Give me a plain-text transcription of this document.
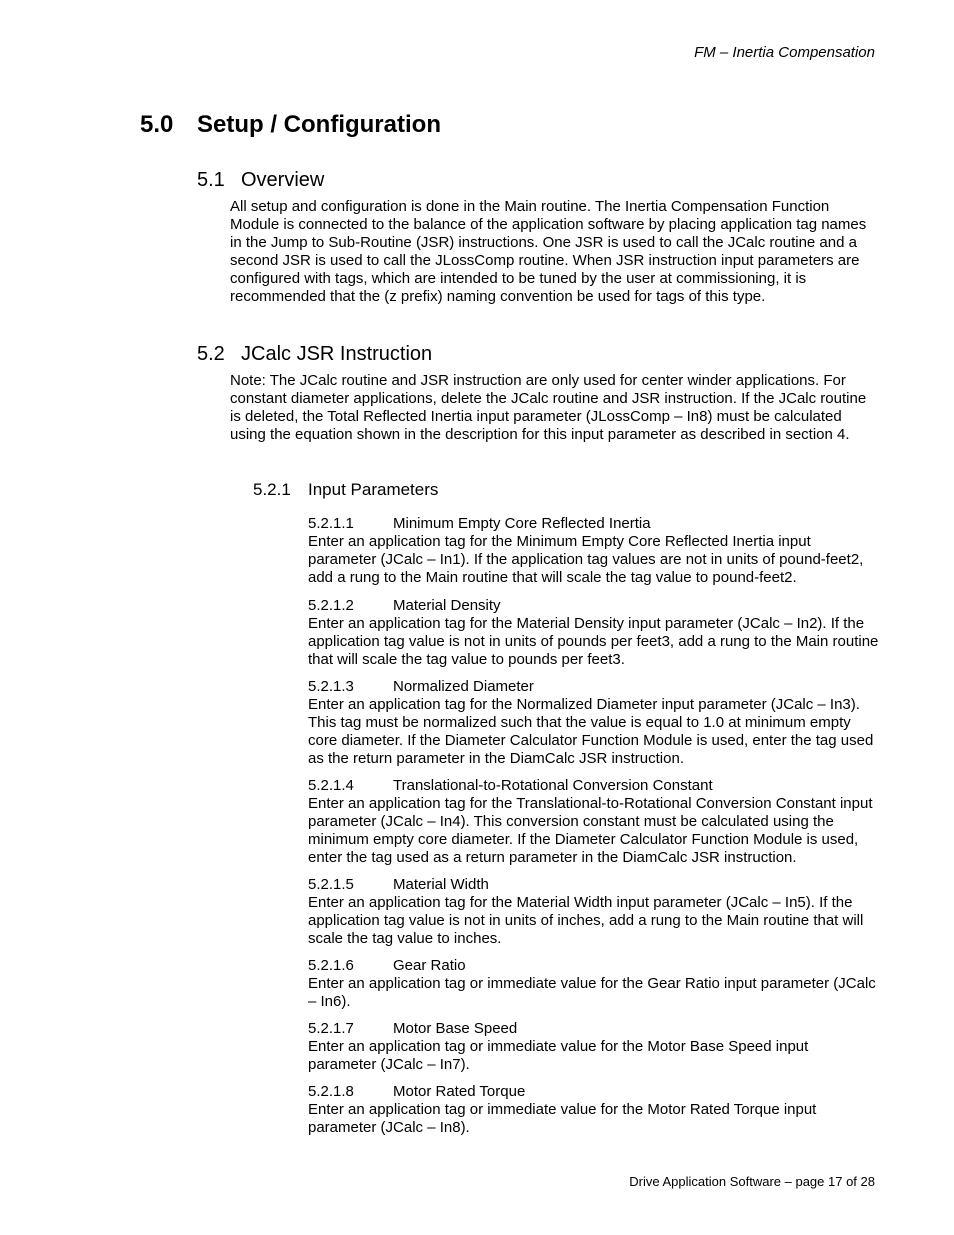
FM – Inertia Compensation
5.0 Setup / Configuration
5.1 Overview

All setup and configuration is done in the Main routine. The Inertia Compensation Function Module is connected to the balance of the application software by placing application tag names in the Jump to Sub-Routine (JSR) instructions. One JSR is used to call the JCalc routine and a second JSR is used to call the JLossComp routine. When JSR instruction input parameters are configured with tags, which are intended to be tuned by the user at commissioning, it is recommended that the (z prefix) naming convention be used for tags of this type.

5.2 JCalc JSR Instruction

Note: The JCalc routine and JSR instruction are only used for center winder applications. For constant diameter applications, delete the JCalc routine and JSR instruction. If the JCalc routine is deleted, the Total Reflected Inertia input parameter (JLossComp – In8) must be calculated using the equation shown in the description for this input parameter as described in section 4.

5.2.1 Input Parameters

5.2.1.1	Minimum Empty Core Reflected Inertia

Enter an application tag for the Minimum Empty Core Reflected Inertia input parameter (JCalc – In1). If the application tag values are not in units of pound-feet2, add a rung to the Main routine that will scale the tag value to pound-feet2.

5.2.1.2	Material Density

Enter an application tag for the Material Density input parameter (JCalc – In2). If the application tag value is not in units of pounds per feet3, add a rung to the Main routine that will scale the tag value to pounds per feet3.

5.2.1.3	Normalized Diameter

Enter an application tag for the Normalized Diameter input parameter (JCalc – In3). This tag must be normalized such that the value is equal to 1.0 at minimum empty core diameter. If the Diameter Calculator Function Module is used, enter the tag used as the return parameter in the DiamCalc JSR instruction.

5.2.1.4	Translational-to-Rotational Conversion Constant

Enter an application tag for the Translational-to-Rotational Conversion Constant input parameter (JCalc – In4). This conversion constant must be calculated using the minimum empty core diameter. If the Diameter Calculator Function Module is used, enter the tag used as a return parameter in the DiamCalc JSR instruction.

5.2.1.5	Material Width

Enter an application tag for the Material Width input parameter (JCalc – In5). If the application tag value is not in units of inches, add a rung to the Main routine that will scale the tag value to inches.

5.2.1.6	Gear Ratio

Enter an application tag or immediate value for the Gear Ratio input parameter (JCalc – In6).

5.2.1.7	Motor Base Speed

Enter an application tag or immediate value for the Motor Base Speed input parameter (JCalc – In7).

5.2.1.8	Motor Rated Torque

Enter an application tag or immediate value for the Motor Rated Torque input parameter (JCalc – In8).

Drive Application Software – page 17 of 28
